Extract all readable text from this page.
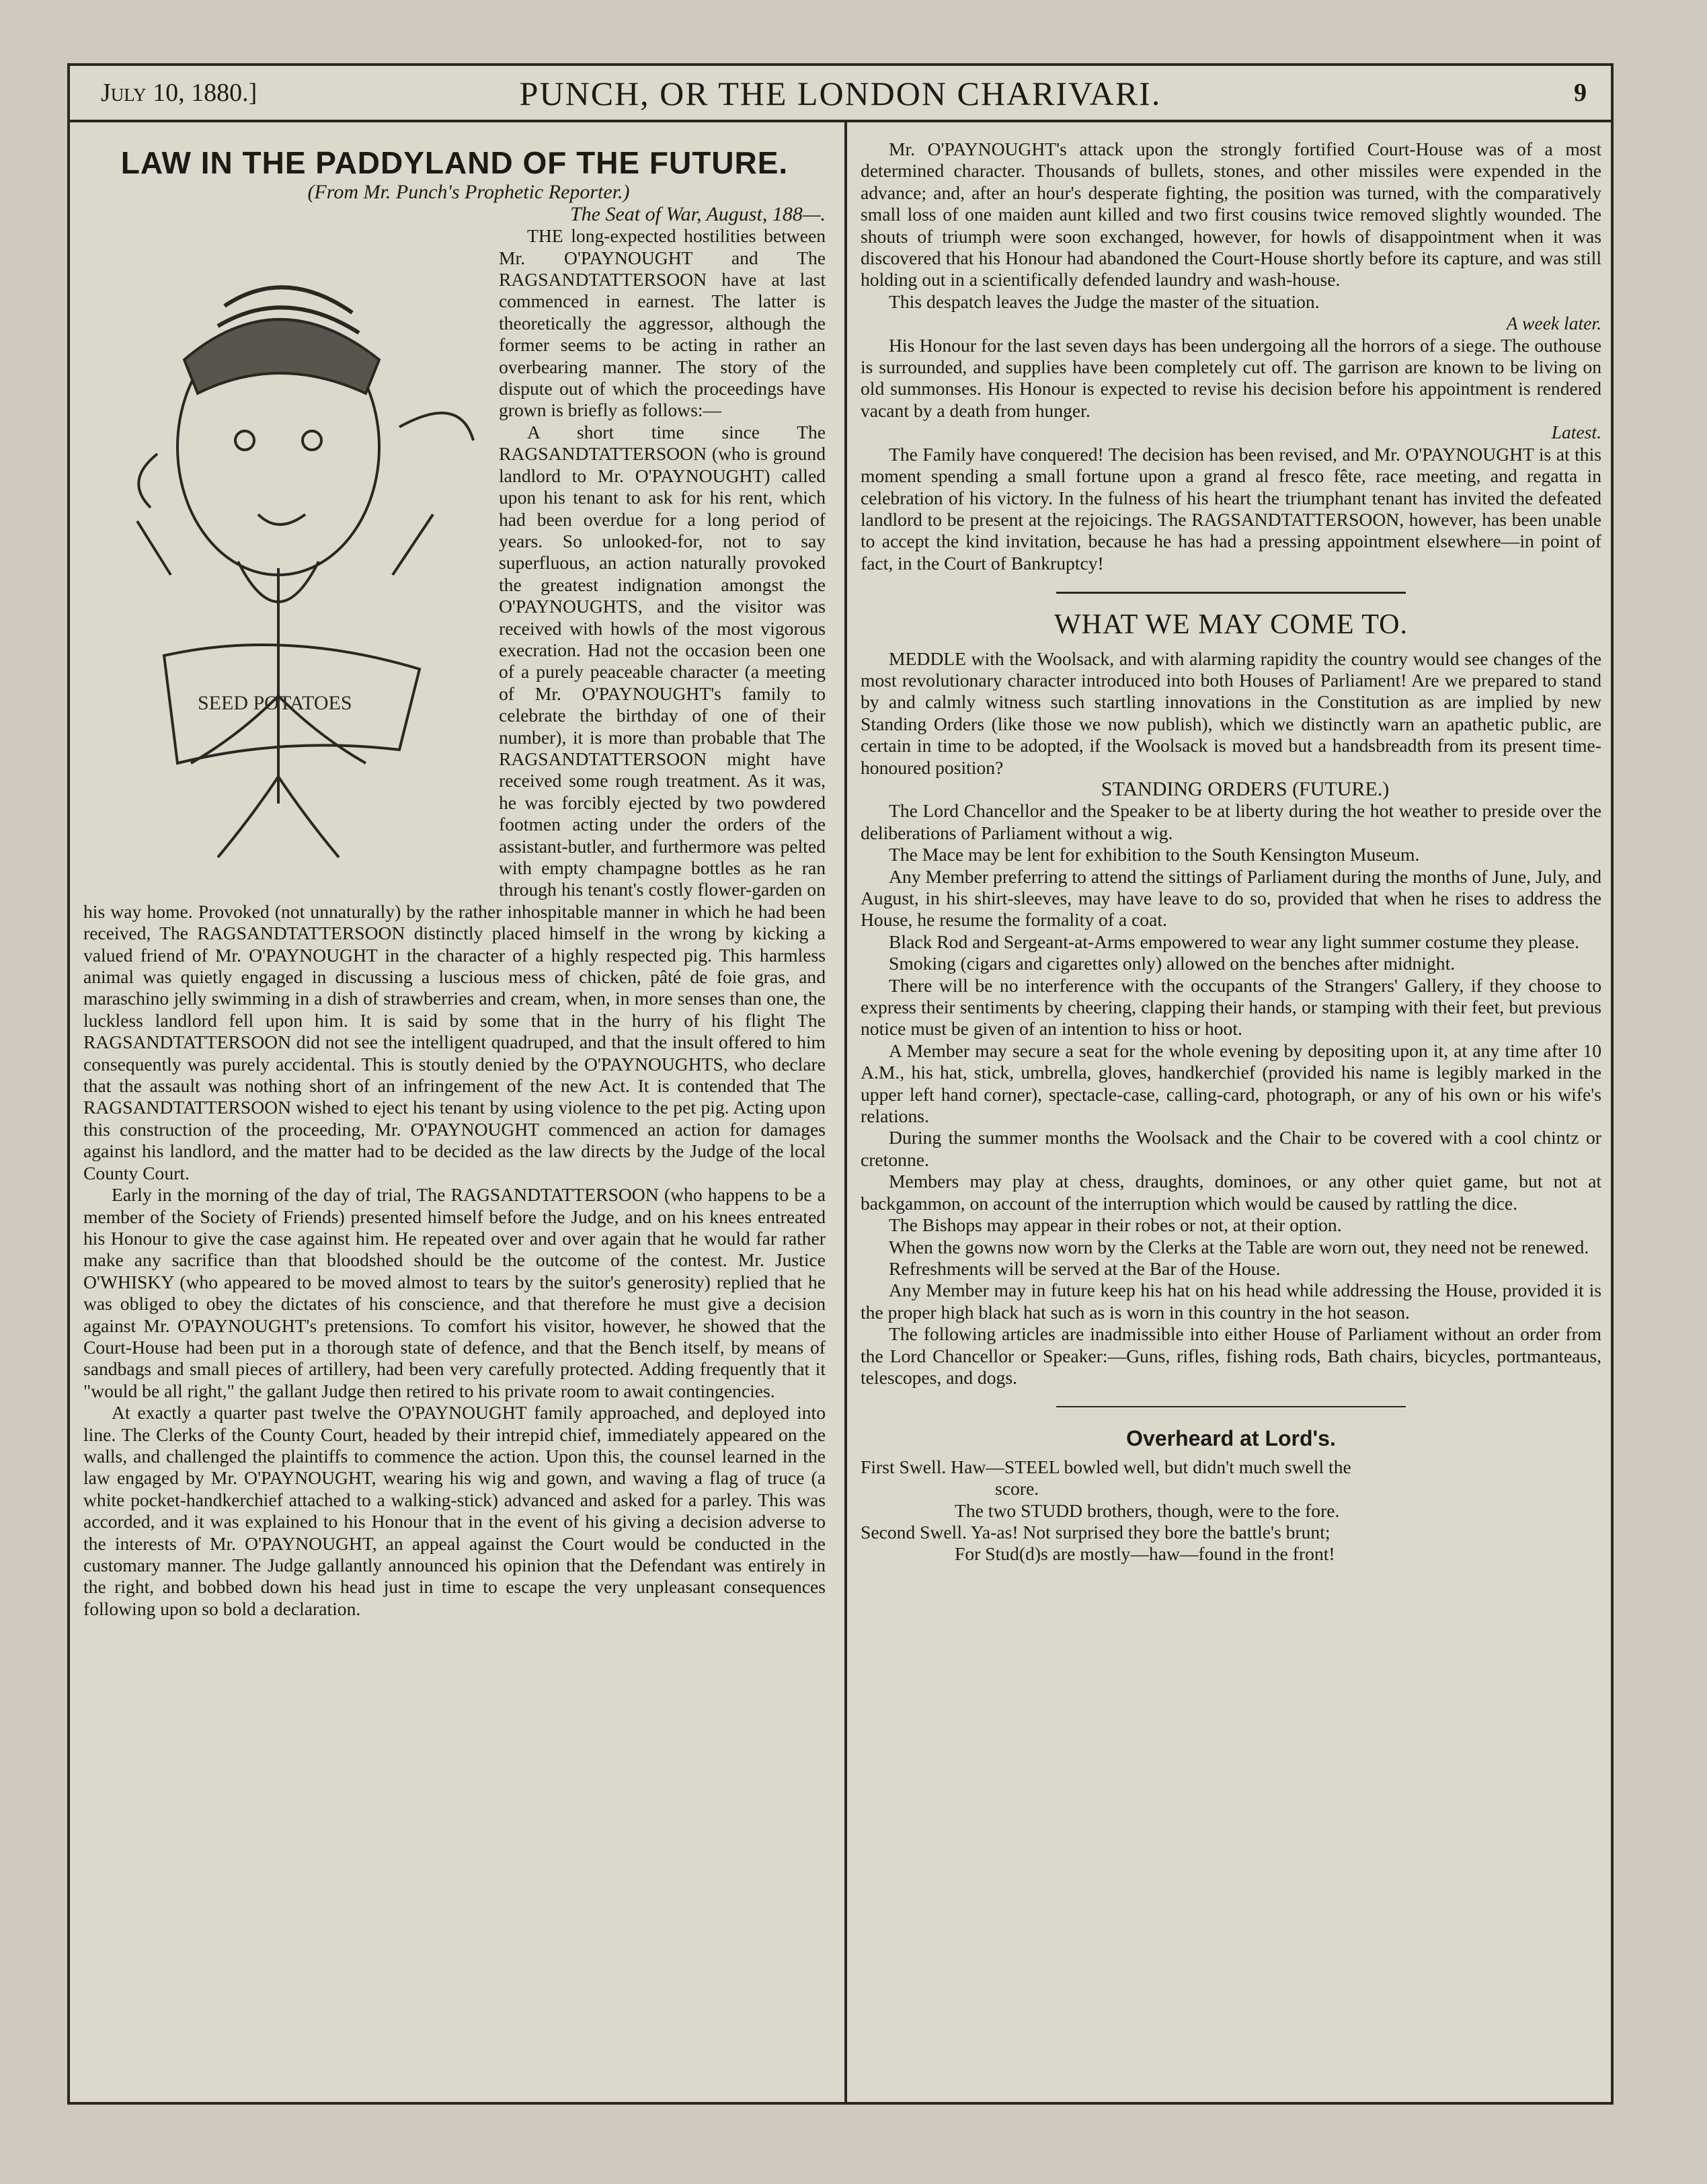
July 10, 1880.]	PUNCH, OR THE LONDON CHARIVARI.	9
LAW IN THE PADDYLAND OF THE FUTURE.

(From Mr. Punch's Prophetic Reporter.)

The Seat of War, August, 188—.

SEED POTATOES

THE long-expected hostilities between Mr. O'PAYNOUGHT and The RAGSANDTATTERSOON have at last commenced in earnest. The latter is theoretically the aggressor, although the former seems to be acting in rather an overbearing manner. The story of the dispute out of which the proceedings have grown is briefly as follows:—

A short time since The RAGSANDTATTERSOON (who is ground landlord to Mr. O'PAYNOUGHT) called upon his tenant to ask for his rent, which had been overdue for a long period of years. So unlooked-for, not to say superfluous, an action naturally provoked the greatest indignation amongst the O'PAYNOUGHTS, and the visitor was received with howls of the most vigorous execration. Had not the occasion been one of a purely peaceable character (a meeting of Mr. O'PAYNOUGHT's family to celebrate the birthday of one of their number), it is more than probable that The RAGSANDTATTERSOON might have received some rough treatment. As it was, he was forcibly ejected by two powdered footmen acting under the orders of the assistant-butler, and furthermore was pelted with empty champagne bottles as he ran through his tenant's costly flower-garden on his way home. Provoked (not unnaturally) by the rather inhospitable manner in which he had been received, The RAGSANDTATTERSOON distinctly placed himself in the wrong by kicking a valued friend of Mr. O'PAYNOUGHT in the character of a highly respected pig. This harmless animal was quietly engaged in discussing a luscious mess of chicken, pâté de foie gras, and maraschino jelly swimming in a dish of strawberries and cream, when, in more senses than one, the luckless landlord fell upon him. It is said by some that in the hurry of his flight The RAGSANDTATTERSOON did not see the intelligent quadruped, and that the insult offered to him consequently was purely accidental. This is stoutly denied by the O'PAYNOUGHTS, who declare that the assault was nothing short of an infringement of the new Act. It is contended that The RAGSANDTATTERSOON wished to eject his tenant by using violence to the pet pig. Acting upon this construction of the proceeding, Mr. O'PAYNOUGHT commenced an action for damages against his landlord, and the matter had to be decided as the law directs by the Judge of the local County Court.

Early in the morning of the day of trial, The RAGSANDTATTERSOON (who happens to be a member of the Society of Friends) presented himself before the Judge, and on his knees entreated his Honour to give the case against him. He repeated over and over again that he would far rather make any sacrifice than that bloodshed should be the outcome of the contest. Mr. Justice O'WHISKY (who appeared to be moved almost to tears by the suitor's generosity) replied that he was obliged to obey the dictates of his conscience, and that therefore he must give a decision against Mr. O'PAYNOUGHT's pretensions. To comfort his visitor, however, he showed that the Court-House had been put in a thorough state of defence, and that the Bench itself, by means of sandbags and small pieces of artillery, had been very carefully protected. Adding frequently that it "would be all right," the gallant Judge then retired to his private room to await contingencies.

At exactly a quarter past twelve the O'PAYNOUGHT family approached, and deployed into line. The Clerks of the County Court, headed by their intrepid chief, immediately appeared on the walls, and challenged the plaintiffs to commence the action. Upon this, the counsel learned in the law engaged by Mr. O'PAYNOUGHT, wearing his wig and gown, and waving a flag of truce (a white pocket-handkerchief attached to a walking-stick) advanced and asked for a parley. This was accorded, and it was explained to his Honour that in the event of his giving a decision adverse to the interests of Mr. O'PAYNOUGHT, an appeal against the Court would be conducted in the customary manner. The Judge gallantly announced his opinion that the Defendant was entirely in the right, and bobbed down his head just in time to escape the very unpleasant consequences following upon so bold a declaration.

Mr. O'PAYNOUGHT's attack upon the strongly fortified Court-House was of a most determined character. Thousands of bullets, stones, and other missiles were expended in the advance; and, after an hour's desperate fighting, the position was turned, with the comparatively small loss of one maiden aunt killed and two first cousins twice removed slightly wounded. The shouts of triumph were soon exchanged, however, for howls of disappointment when it was discovered that his Honour had abandoned the Court-House shortly before its capture, and was still holding out in a scientifically defended laundry and wash-house.

This despatch leaves the Judge the master of the situation.

A week later.

His Honour for the last seven days has been undergoing all the horrors of a siege. The outhouse is surrounded, and supplies have been completely cut off. The garrison are known to be living on old summonses. His Honour is expected to revise his decision before his appointment is rendered vacant by a death from hunger.

Latest.

The Family have conquered! The decision has been revised, and Mr. O'PAYNOUGHT is at this moment spending a small fortune upon a grand al fresco fête, race meeting, and regatta in celebration of his victory. In the fulness of his heart the triumphant tenant has invited the defeated landlord to be present at the rejoicings. The RAGSANDTATTERSOON, however, has been unable to accept the kind invitation, because he has had a pressing appointment elsewhere—in point of fact, in the Court of Bankruptcy!

WHAT WE MAY COME TO.

MEDDLE with the Woolsack, and with alarming rapidity the country would see changes of the most revolutionary character introduced into both Houses of Parliament! Are we prepared to stand by and calmly witness such startling innovations in the Constitution as are implied by new Standing Orders (like those we now publish), which we distinctly warn an apathetic public, are certain in time to be adopted, if the Woolsack is moved but a handsbreadth from its present time-honoured position?

STANDING ORDERS (FUTURE.)

The Lord Chancellor and the Speaker to be at liberty during the hot weather to preside over the deliberations of Parliament without a wig.

The Mace may be lent for exhibition to the South Kensington Museum.

Any Member preferring to attend the sittings of Parliament during the months of June, July, and August, in his shirt-sleeves, may have leave to do so, provided that when he rises to address the House, he resume the formality of a coat.

Black Rod and Sergeant-at-Arms empowered to wear any light summer costume they please.

Smoking (cigars and cigarettes only) allowed on the benches after midnight.

There will be no interference with the occupants of the Strangers' Gallery, if they choose to express their sentiments by cheering, clapping their hands, or stamping with their feet, but previous notice must be given of an intention to hiss or hoot.

A Member may secure a seat for the whole evening by depositing upon it, at any time after 10 A.M., his hat, stick, umbrella, gloves, handkerchief (provided his name is legibly marked in the upper left hand corner), spectacle-case, calling-card, photograph, or any of his own or his wife's relations.

During the summer months the Woolsack and the Chair to be covered with a cool chintz or cretonne.

Members may play at chess, draughts, dominoes, or any other quiet game, but not at backgammon, on account of the interruption which would be caused by rattling the dice.

The Bishops may appear in their robes or not, at their option.

When the gowns now worn by the Clerks at the Table are worn out, they need not be renewed.

Refreshments will be served at the Bar of the House.

Any Member may in future keep his hat on his head while addressing the House, provided it is the proper high black hat such as is worn in this country in the hot season.

The following articles are inadmissible into either House of Parliament without an order from the Lord Chancellor or Speaker:—Guns, rifles, fishing rods, Bath chairs, bicycles, portmanteaus, telescopes, and dogs.

Overheard at Lord's.

First Swell. Haw—STEEL bowled well, but didn't much swell the

score.

The two STUDD brothers, though, were to the fore.

Second Swell. Ya-as! Not surprised they bore the battle's brunt;

For Stud(d)s are mostly—haw—found in the front!
